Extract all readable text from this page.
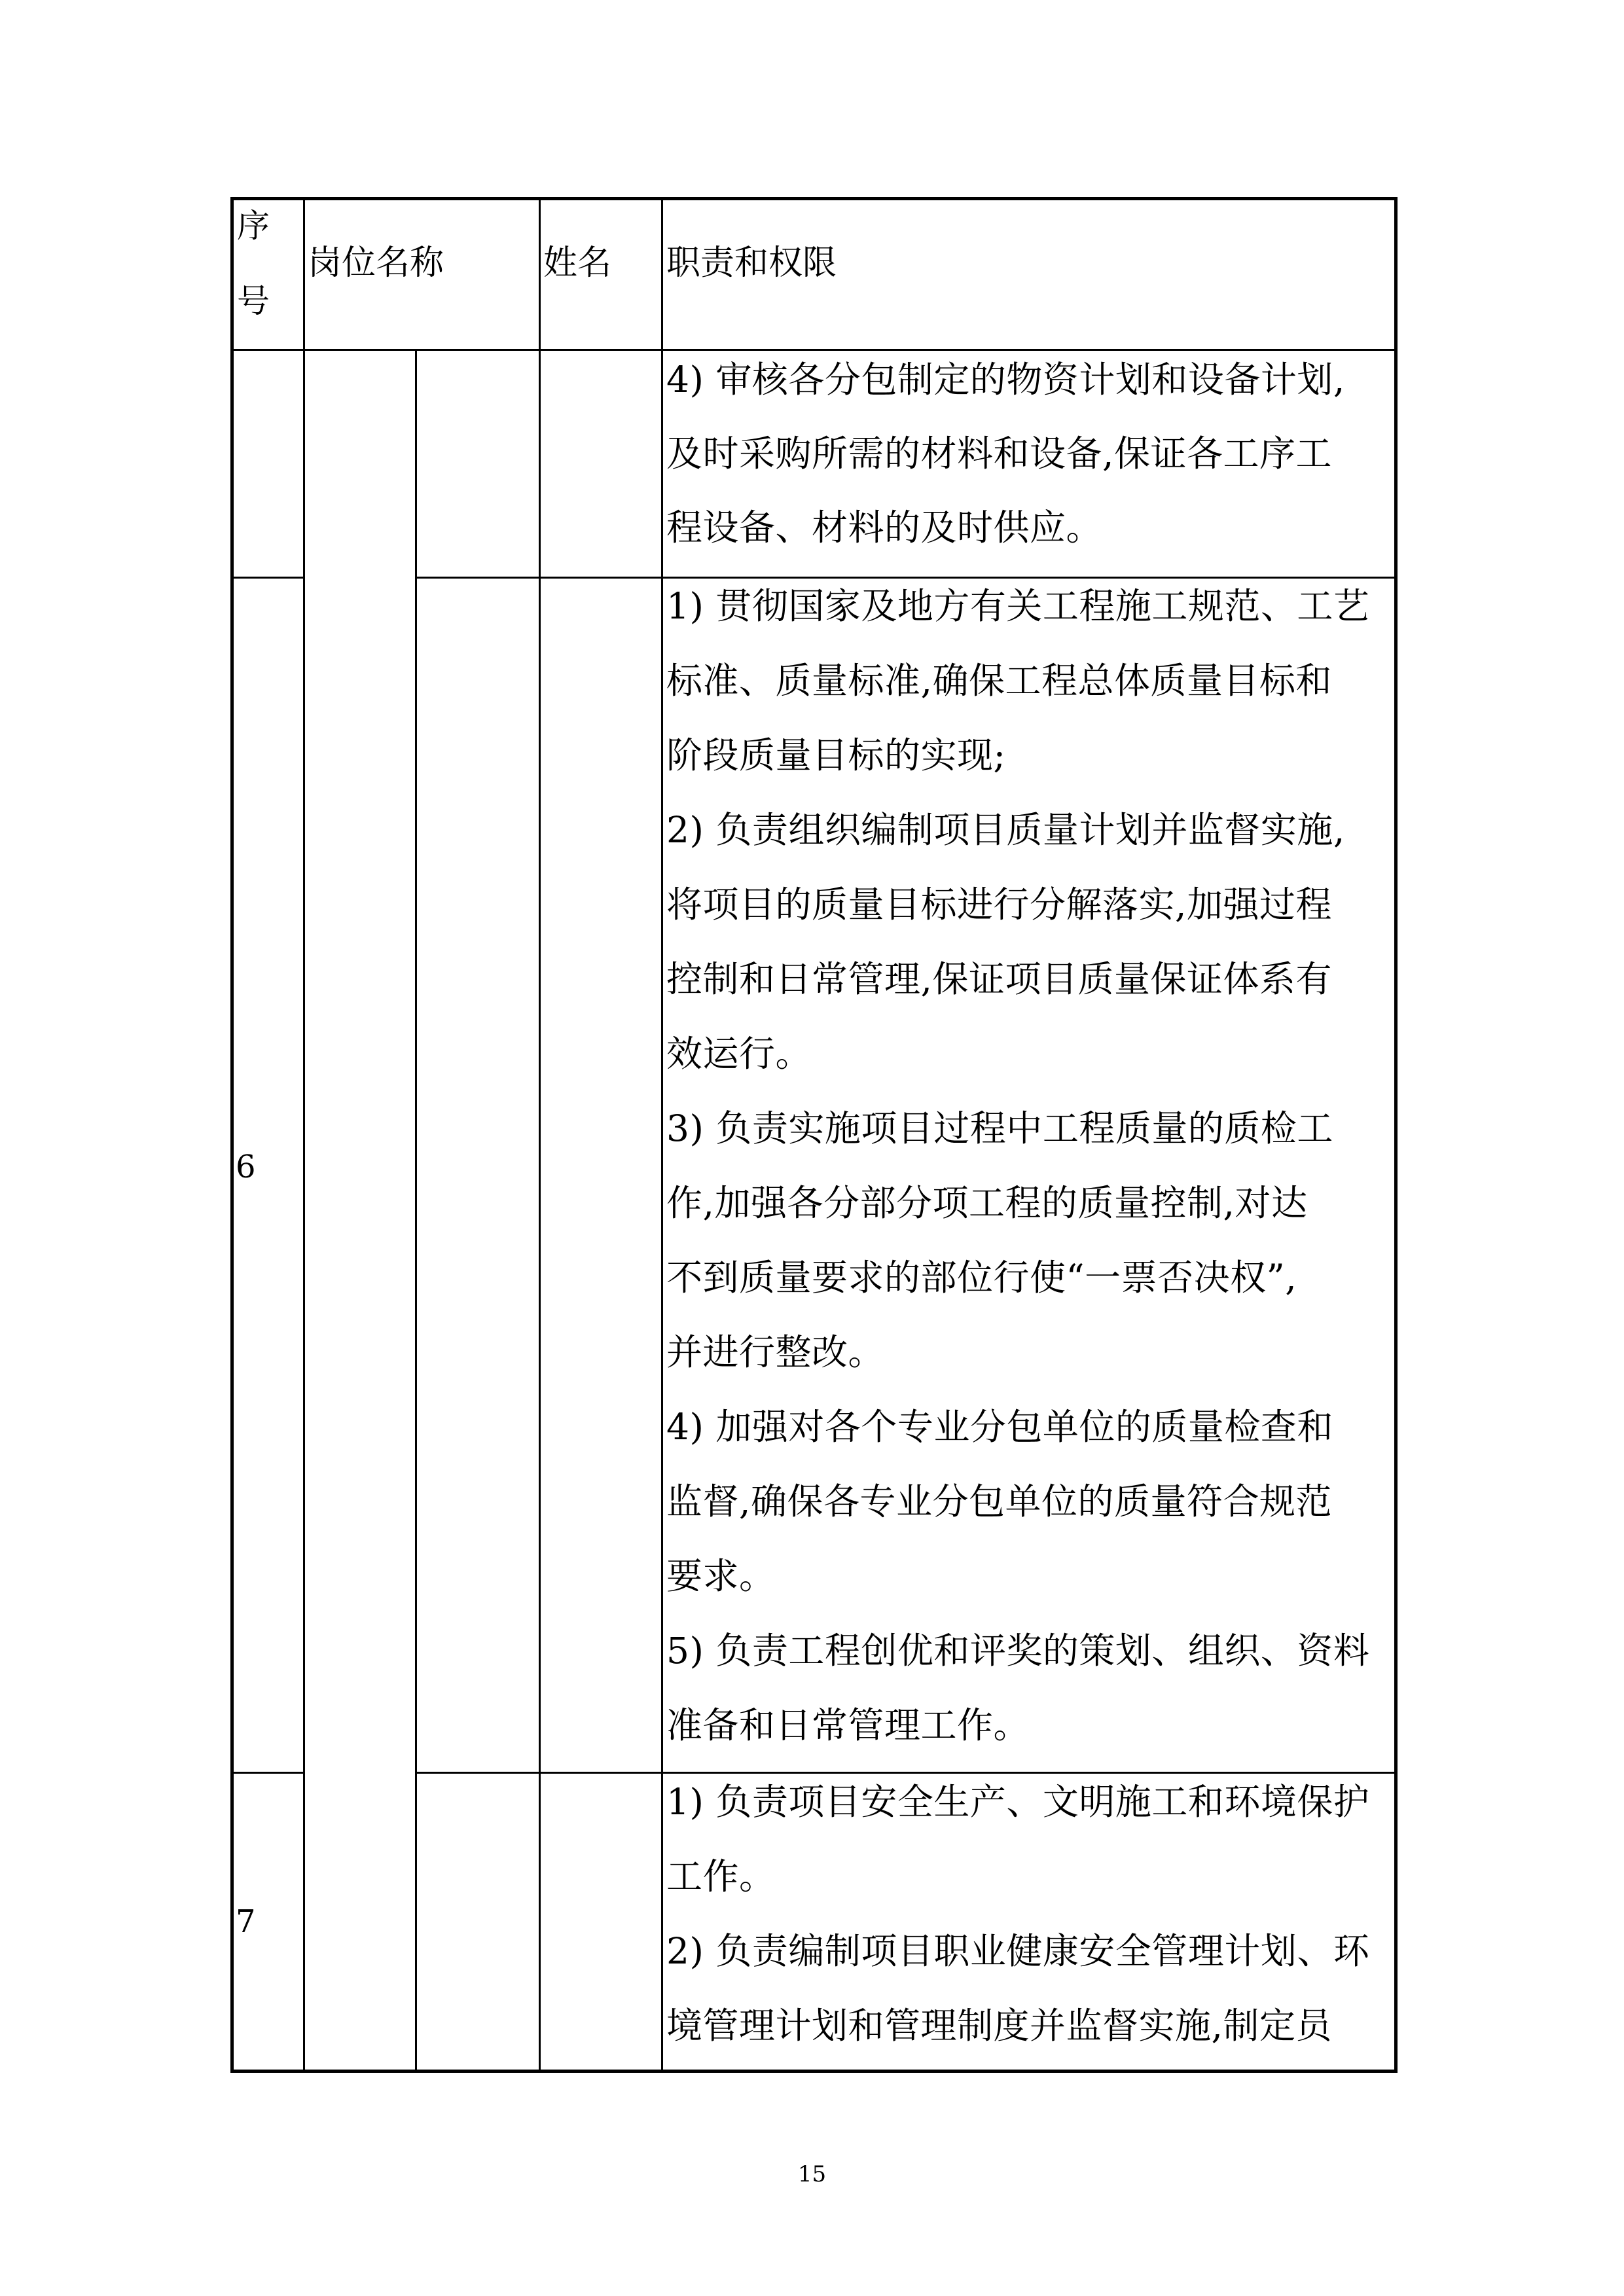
序
号
岗位名称	姓名 职责和权限
4) 审核各分包制定的物资计划和设备计划,
及时采购所需的材料和设备,保证各工序工
程设备、材料的及时供应。
6
1) 贯彻国家及地方有关工程施工规范、工艺
标准、质量标准,确保工程总体质量目标和
阶段质量目标的实现;
2) 负责组织编制项目质量计划并监督实施,
将项目的质量目标进行分解落实,加强过程
控制和日常管理,保证项目质量保证体系有
效运行。
3) 负责实施项目过程中工程质量的质检工
作,加强各分部分项工程的质量控制,对达
不到质量要求的部位行使“一票否决权”,
并进行整改。
4) 加强对各个专业分包单位的质量检查和
监督,确保各专业分包单位的质量符合规范
要求。
5) 负责工程创优和评奖的策划、组织、资料
准备和日常管理工作。
7
1) 负责项目安全生产、文明施工和环境保护
工作。
2) 负责编制项目职业健康安全管理计划、环
境管理计划和管理制度并监督实施,制定员
15
